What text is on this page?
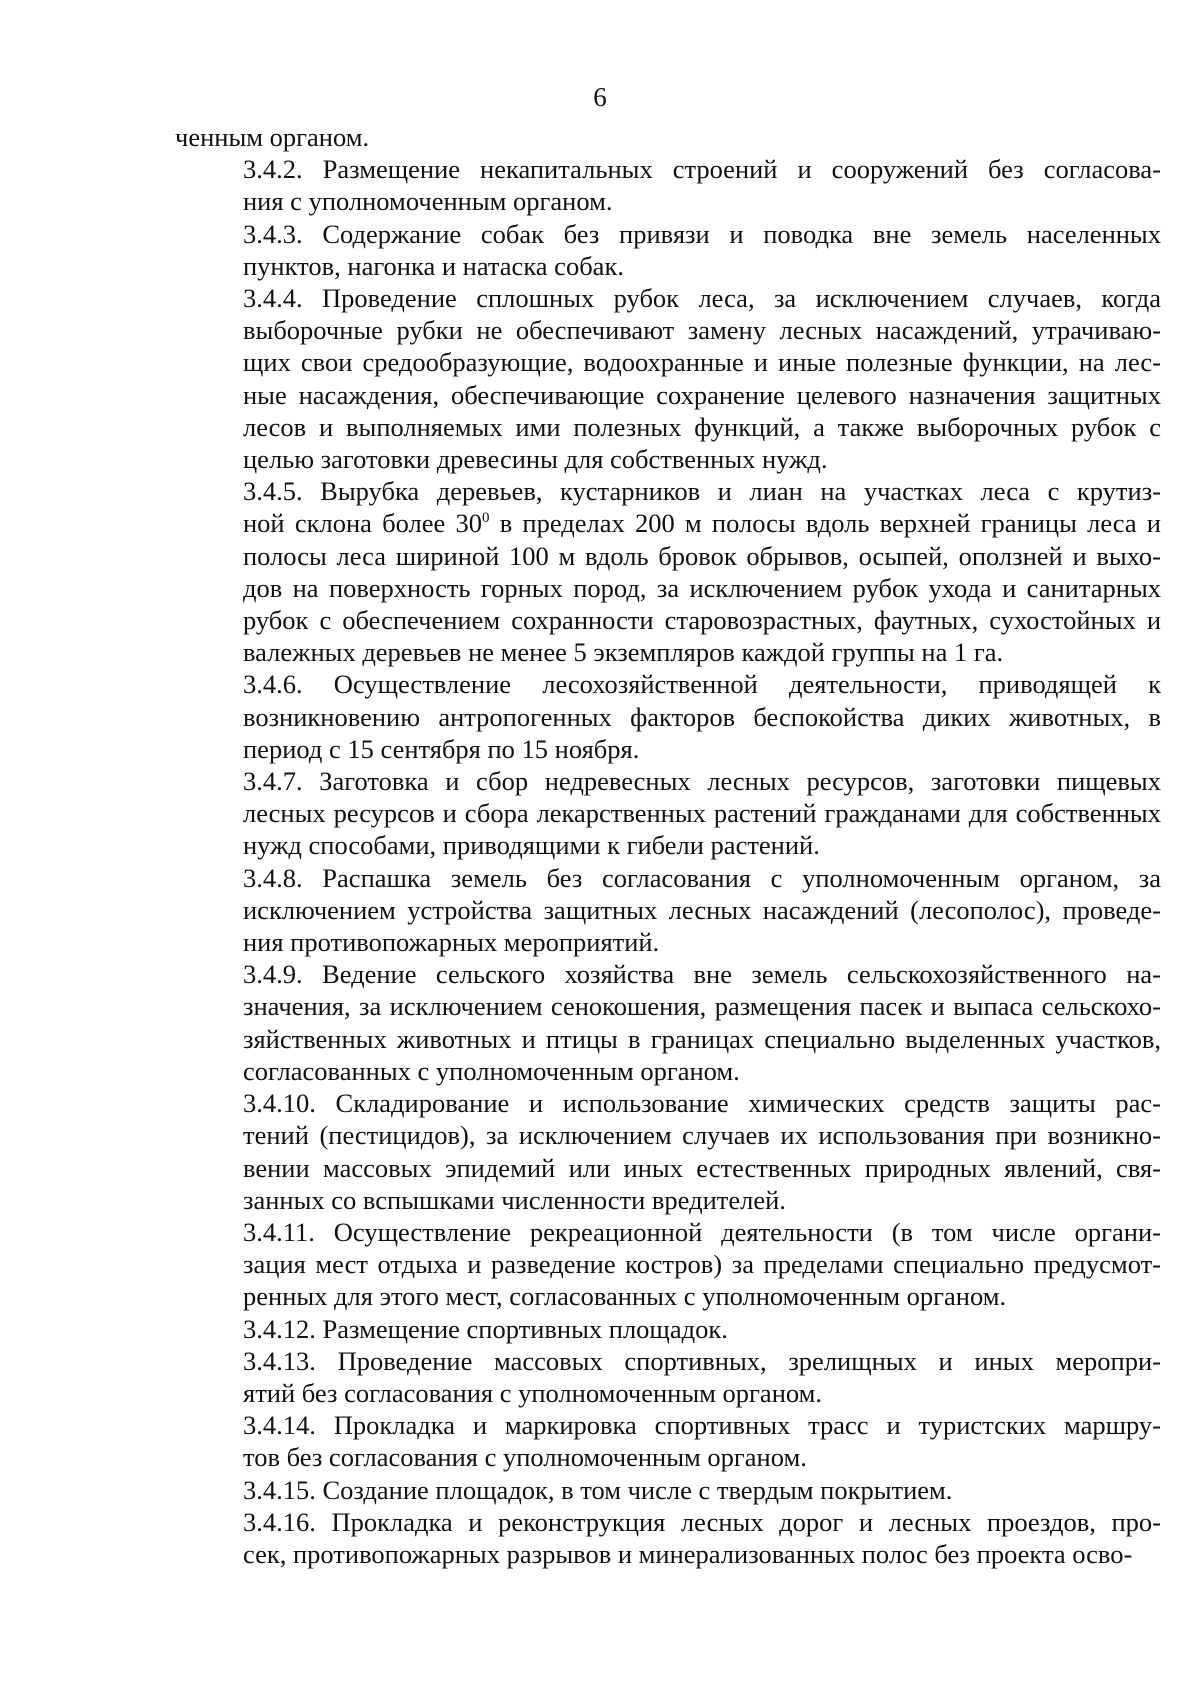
6
ченным органом.
3.4.2. Размещение некапитальных строений и сооружений без согласова-
ния с уполномоченным органом.
3.4.3. Содержание собак без привязи и поводка вне земель населенных
пунктов, нагонка и натаска собак.
3.4.4. Проведение сплошных рубок леса, за исключением случаев, когда
выборочные рубки не обеспечивают замену лесных насаждений, утрачиваю-
щих свои средообразующие, водоохранные и иные полезные функции, на лес-
ные насаждения, обеспечивающие сохранение целевого назначения защитных
лесов и выполняемых ими полезных функций, а также выборочных рубок с
целью заготовки древесины для собственных нужд.
3.4.5. Вырубка деревьев, кустарников и лиан на участках леса с крутиз-
ной склона более $30^0$ в пределах 200 м полосы вдоль верхней границы леса и
полосы леса шириной 100 м вдоль бровок обрывов, осыпей, оползней и выхо-
дов на поверхность горных пород, за исключением рубок ухода и санитарных
рубок с обеспечением сохранности старовозрастных, фаутных, сухостойных и
валежных деревьев не менее 5 экземпляров каждой группы на 1 га.
3.4.6. Осуществление лесохозяйственной деятельности, приводящей к
возникновению антропогенных факторов беспокойства диких животных, в
период с 15 сентября по 15 ноября.
3.4.7. Заготовка и сбор недревесных лесных ресурсов, заготовки пищевых
лесных ресурсов и сбора лекарственных растений гражданами для собственных
нужд способами, приводящими к гибели растений.
3.4.8. Распашка земель без согласования с уполномоченным органом, за
исключением устройства защитных лесных насаждений (лесополос), проведе-
ния противопожарных мероприятий.
3.4.9. Ведение сельского хозяйства вне земель сельскохозяйственного на-
значения, за исключением сенокошения, размещения пасек и выпаса сельскохо-
зяйственных животных и птицы в границах специально выделенных участков,
согласованных с уполномоченным органом.
3.4.10. Складирование и использование химических средств защиты рас-
тений (пестицидов), за исключением случаев их использования при возникно-
вении массовых эпидемий или иных естественных природных явлений, свя-
занных со вспышками численности вредителей.
3.4.11. Осуществление рекреационной деятельности (в том числе органи-
зация мест отдыха и разведение костров) за пределами специально предусмот-
ренных для этого мест, согласованных с уполномоченным органом.
3.4.12. Размещение спортивных площадок.
3.4.13. Проведение массовых спортивных, зрелищных и иных меропри-
ятий без согласования с уполномоченным органом.
3.4.14. Прокладка и маркировка спортивных трасс и туристских маршру-
тов без согласования с уполномоченным органом.
3.4.15. Создание площадок, в том числе с твердым покрытием.
3.4.16. Прокладка и реконструкция лесных дорог и лесных проездов, про-
сек, противопожарных разрывов и минерализованных полос без проекта осво-
